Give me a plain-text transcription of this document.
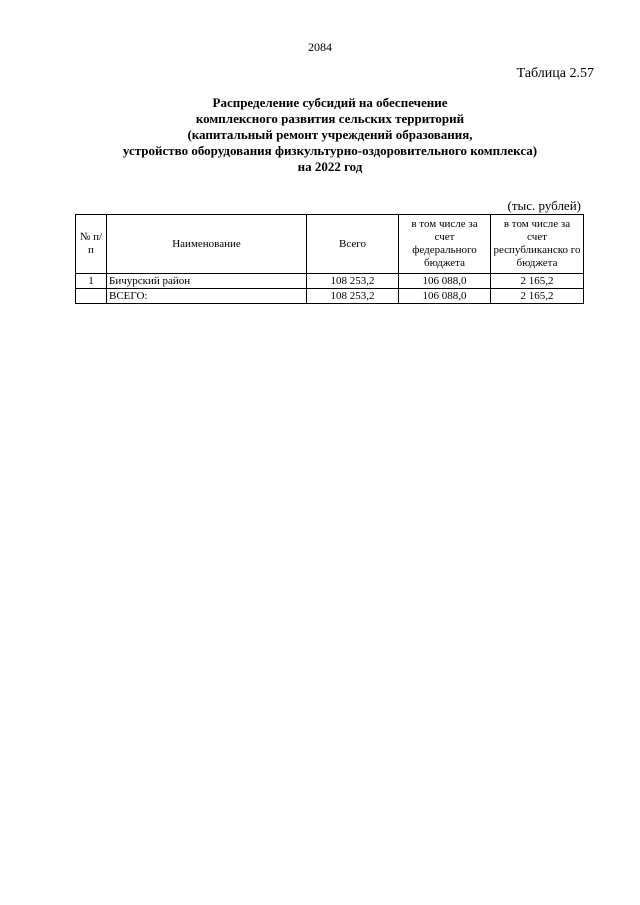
2084
Таблица 2.57
Распределение субсидий на обеспечение
комплексного развития сельских территорий
(капитальный ремонт учреждений образования,
устройство оборудования физкультурно-оздоровительного комплекса)
на 2022 год
(тыс. рублей)
№ п/п	Наименование	Всего	в том числе за счет федерального бюджета	в том числе за счет республиканско го бюджета
1	Бичурский район	108 253,2	106 088,0	2 165,2
	ВСЕГО:	108 253,2	106 088,0	2 165,2
